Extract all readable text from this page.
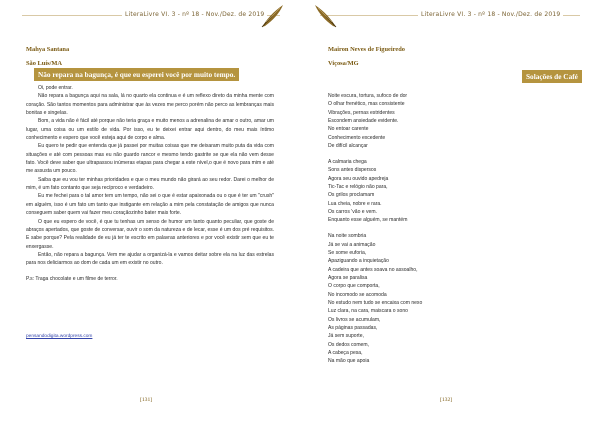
LiteraLivre VI. 3 - nº 18 - Nov./Dez. de 2019
Mahya Santana
São Luís/MA
Não repara na bagunça, é que eu esperei você por muito tempo.

Oi, pode entrar.

Não repara a bagunça aqui na sala, lá no quarto ela continua e é um reflexo direto da minha mente com coração. São tantos momentos para administrar que às vezes me perco porém não perco as lembranças mais bonitas e singelas.

Bom, a vida não é fácil até porque não teria graça e muito menos a adrenalina de amar o outro, amar um lugar, uma coisa ou um estilo de vida. Por isso, eu te deixei entrar aqui dentro, do meu mais íntimo conhecimento e espero que você esteja aqui de corpo e alma.

Eu quero te pedir que entenda que já passei por muitas coisas que me deixaram muito puta da vida com situações e até com pessoas mas eu não guardo rancor e mesmo tendo gastrite se que ela não vem desse fato. Você deve saber que ultrapassou inúmeras etapas para chegar a este nível,o que é novo para mim e até me assusta um pouco.

Saiba que eu vou ter minhas prioridades e que o meu mundo não girará ao seu redor. Darei o melhor de mim, é um fato contanto que seja recíproco e verdadeiro.

Eu me fechei para o tal amor tem um tempo, não sei o que é estar apaixonada ou o que é ter um "crush" em alguém, isso é um fato um tanto que instigante em relação a mim pela constatação de amigos que nunca conseguem saber quem vai fazer meu coraçãozinho bater mais forte.

O que eu espero de você, é que tu tenhas um senso de humor um tanto quanto peculiar, que goste de abraços apertados, que goste de conversar, ouvir o som da natureza e de lecar, esse é um dos pré requisitos. E sabe porque? Pela realidade de eu já ter te escrito em palavras anteriores e por você existir sem que eu te enxergasse.

Então, não repara a bagunça. Vem me ajudar a organizá-la e vamos deitar sobre ela na luz das estrelas para nos deliciarmos ao dom de cada um em existir no outro.

P.s: Traga chocolate e um filme de terror.

pensandodigita.wordpress.com
[131]
LiteraLivre VI. 3 - nº 18 - Nov./Dez. de 2019
Mairon Neves de Figueiredo
Viçosa/MG
Solações de Café
Noite escura, tortura, sufoco de dor
O olhar frenético, mas consistente
Vibrações, pernas estridentes
Escondem ansiedade evidente.
No entoar carente
Conhecimento excedente
De difícil alcançar
A calmaria chega
Sons antes dispersos
Agora seu ouvido apedreja
Tic-Tac e relógio não para,
Os grilos proclamam
Lua cheia, nobre e rara.
Os carros 'vão e vem.
Enquanto esse alguém, se mantém
Na noite sombria
Já se vai a animação
Se some euforia,
Apaziguando a inquietação
A cadeira que antes soava no assoalho,
Agora se paralisa
O corpo que comporta,
No incomodo se acomoda
No estudo nem tudo se encaixa com nexo
Luz clara, na cara, maiscara o sono
Os livros se acumulam,
As páginas passadas,
Já sem suporte,
Os dedos comem,
A cabeça pesa,
Na mão que apoia
[132]
